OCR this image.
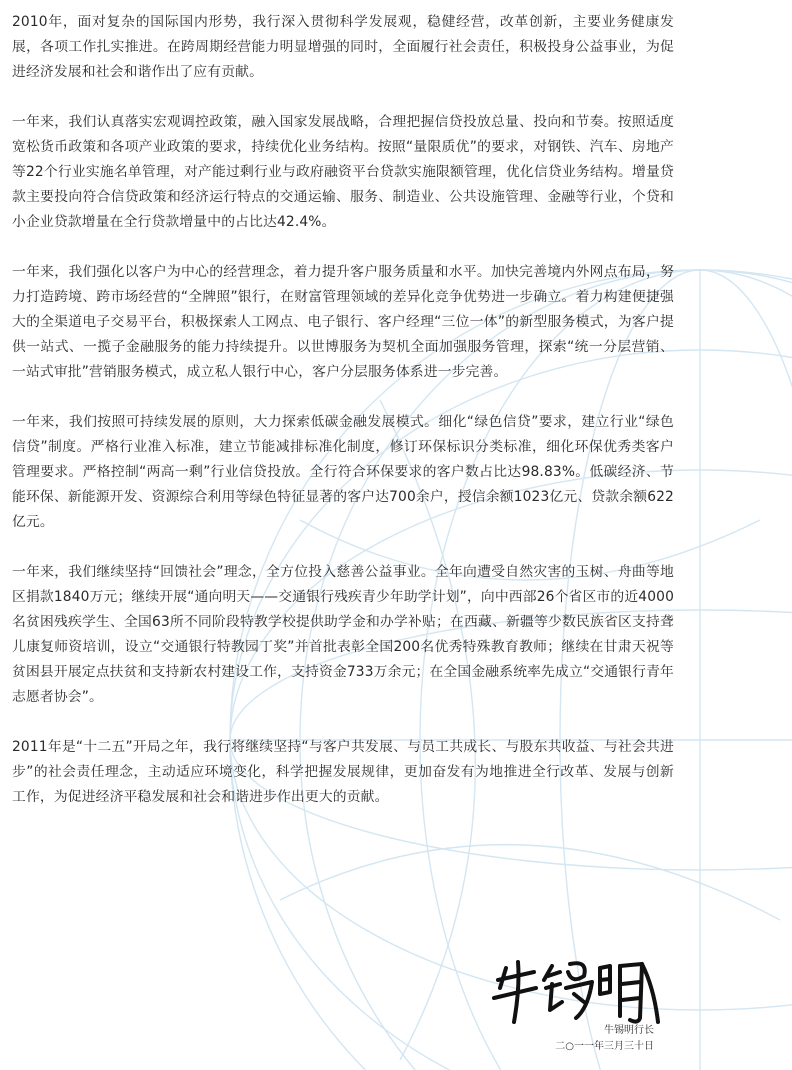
2010年，面对复杂的国际国内形势，我行深入贯彻科学发展观，稳健经营，改革创新，主要业务健康发展，各项工作扎实推进。在跨周期经营能力明显增强的同时，全面履行社会责任，积极投身公益事业，为促进经济发展和社会和谐作出了应有贡献。

一年来，我们认真落实宏观调控政策，融入国家发展战略，合理把握信贷投放总量、投向和节奏。按照适度宽松货币政策和各项产业政策的要求，持续优化业务结构。按照“量限质优”的要求，对钢铁、汽车、房地产等22个行业实施名单管理，对产能过剩行业与政府融资平台贷款实施限额管理，优化信贷业务结构。增量贷款主要投向符合信贷政策和经济运行特点的交通运输、服务、制造业、公共设施管理、金融等行业，个贷和小企业贷款增量在全行贷款增量中的占比达42.4%。

一年来，我们强化以客户为中心的经营理念，着力提升客户服务质量和水平。加快完善境内外网点布局，努力打造跨境、跨市场经营的“全牌照”银行，在财富管理领域的差异化竞争优势进一步确立。着力构建便捷强大的全渠道电子交易平台，积极探索人工网点、电子银行、客户经理“三位一体”的新型服务模式，为客户提供一站式、一揽子金融服务的能力持续提升。以世博服务为契机全面加强服务管理，探索“统一分层营销、一站式审批”营销服务模式，成立私人银行中心，客户分层服务体系进一步完善。

一年来，我们按照可持续发展的原则，大力探索低碳金融发展模式。细化“绿色信贷”要求，建立行业“绿色信贷”制度。严格行业准入标准，建立节能减排标准化制度，修订环保标识分类标准，细化环保优秀类客户管理要求。严格控制“两高一剩”行业信贷投放。全行符合环保要求的客户数占比达98.83%。低碳经济、节能环保、新能源开发、资源综合利用等绿色特征显著的客户达700余户，授信余额1023亿元、贷款余额622亿元。

一年来，我们继续坚持“回馈社会”理念，全方位投入慈善公益事业。全年向遭受自然灾害的玉树、舟曲等地区捐款1840万元；继续开展“通向明天——交通银行残疾青少年助学计划”，向中西部26个省区市的近4000名贫困残疾学生、全国63所不同阶段特教学校提供助学金和办学补贴；在西藏、新疆等少数民族省区支持聋儿康复师资培训，设立“交通银行特教园丁奖”并首批表彰全国200名优秀特殊教育教师；继续在甘肃天祝等贫困县开展定点扶贫和支持新农村建设工作，支持资金733万余元；在全国金融系统率先成立“交通银行青年志愿者协会”。

2011年是“十二五”开局之年，我行将继续坚持“与客户共发展、与员工共成长、与股东共收益、与社会共进步”的社会责任理念，主动适应环境变化，科学把握发展规律，更加奋发有为地推进全行改革、发展与创新工作，为促进经济平稳发展和社会和谐进步作出更大的贡献。

牛锡明行长
二○一一年三月三十日
